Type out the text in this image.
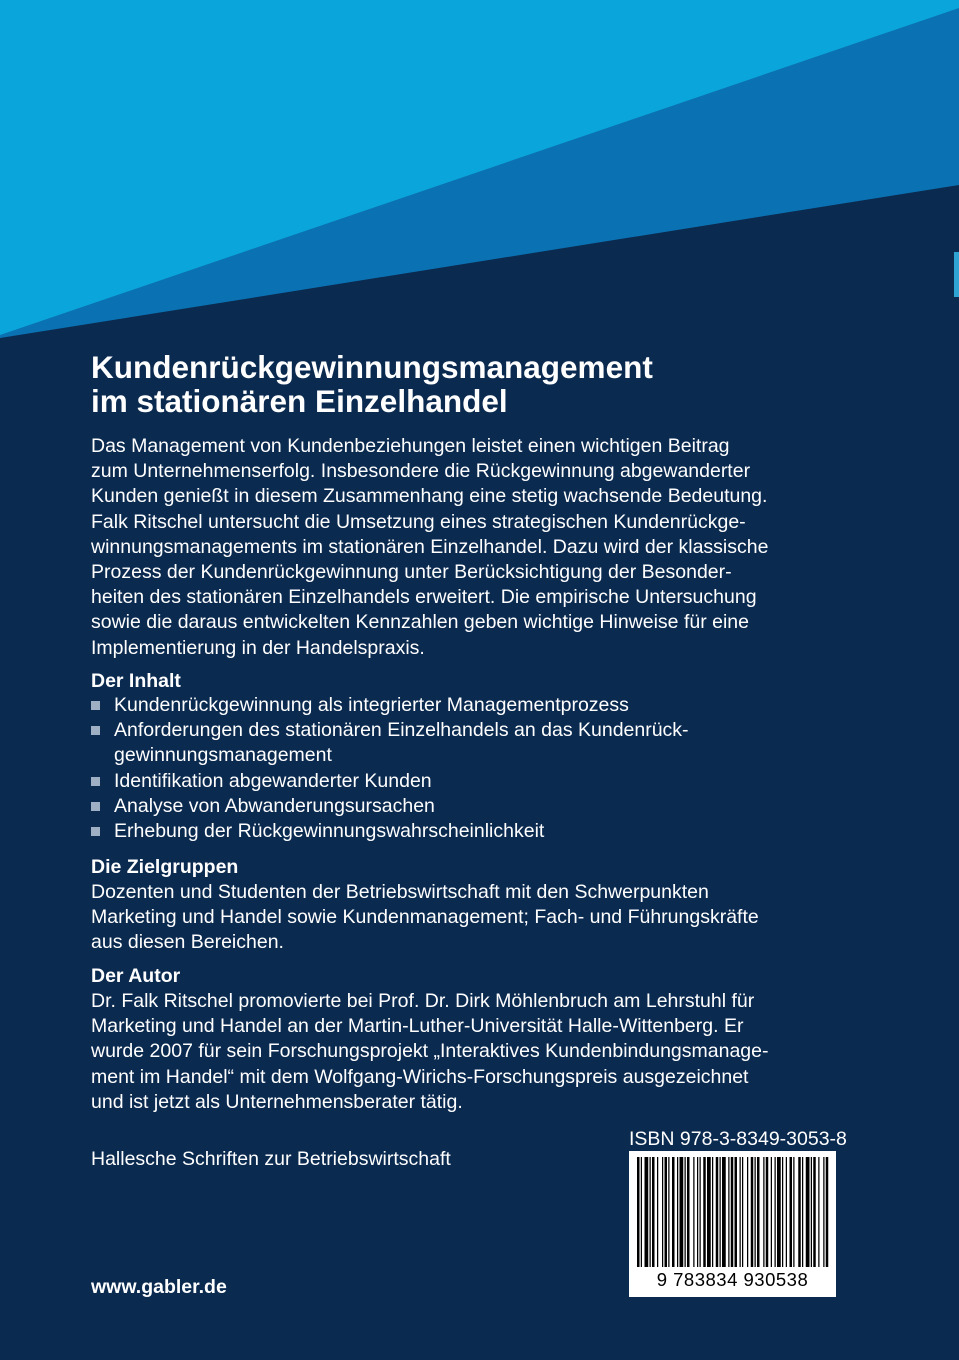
Kundenrückgewinnungsmanagement
im stationären Einzelhandel

Das Management von Kundenbeziehungen leistet einen wichtigen Beitrag
zum Unternehmenserfolg. Insbesondere die Rückgewinnung abgewanderter
Kunden genießt in diesem Zusammenhang eine stetig wachsende Bedeutung.
Falk Ritschel untersucht die Umsetzung eines strategischen Kundenrückge-
winnungsmanagements im stationären Einzelhandel. Dazu wird der klassische
Prozess der Kundenrückgewinnung unter Berücksichtigung der Besonder-
heiten des stationären Einzelhandels erweitert. Die empirische Untersuchung
sowie die daraus entwickelten Kennzahlen geben wichtige Hinweise für eine
Implementierung in der Handelspraxis.

Der Inhalt
Kundenrückgewinnung als integrierter Managementprozess
Anforderungen des stationären Einzelhandels an das Kundenrück-
gewinnungsmanagement
Identifikation abgewanderter Kunden
Analyse von Abwanderungsursachen
Erhebung der Rückgewinnungswahrscheinlichkeit
Die Zielgruppen

Dozenten und Studenten der Betriebswirtschaft mit den Schwerpunkten
Marketing und Handel sowie Kundenmanagement; Fach- und Führungskräfte
aus diesen Bereichen.

Der Autor

Dr. Falk Ritschel promovierte bei Prof. Dr. Dirk Möhlenbruch am Lehrstuhl für
Marketing und Handel an der Martin-Luther-Universität Halle-Wittenberg. Er
wurde 2007 für sein Forschungsprojekt „Interaktives Kundenbindungsmanage-
ment im Handel“ mit dem Wolfgang-Wirichs-Forschungspreis ausgezeichnet
und ist jetzt als Unternehmensberater tätig.

ISBN 978-3-8349-3053-8
9 783834 930538
Hallesche Schriften zur Betriebswirtschaft
www.gabler.de
